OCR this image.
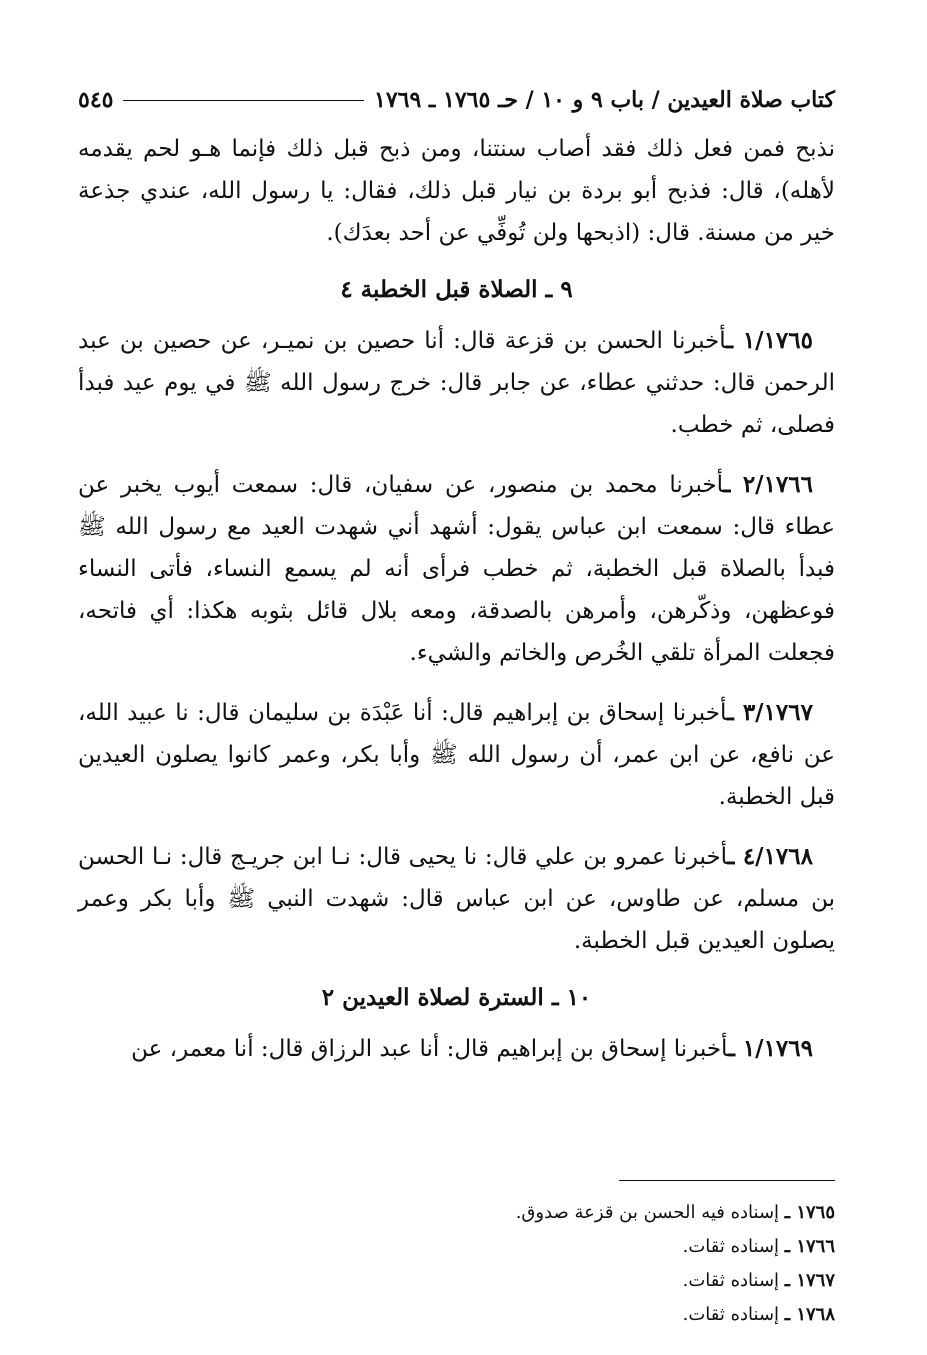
كتاب صلاة العيدين / باب ٩ و ١٠ / حـ ١٧٦٥ ـ ١٧٦٩
٥٤٥

نذبح فمن فعل ذلك فقد أصاب سنتنا، ومن ذبح قبل ذلك فإنما هـو لحم يقدمه لأهله)، قال: فذبح أبو بردة بن نيار قبل ذلك، فقال: يا رسول الله، عندي جذعة خير من مسنة. قال: (اذبحها ولن تُوفِّي عن أحد بعدَك).

٩ ـ الصلاة قبل الخطبة ٤

١/١٧٦٥ ـأخبرنا الحسن بن قزعة قال: أنا حصين بن نميـر، عن حصين بن عبد الرحمن قال: حدثني عطاء، عن جابر قال: خرج رسول الله ﷺ في يوم عيد فبدأ فصلى، ثم خطب.

٢/١٧٦٦ ـأخبرنا محمد بن منصور، عن سفيان، قال: سمعت أيوب يخبر عن عطاء قال: سمعت ابن عباس يقول: أشهد أني شهدت العيد مع رسول الله ﷺ فبدأ بالصلاة قبل الخطبة، ثم خطب فرأى أنه لم يسمع النساء، فأتى النساء فوعظهن، وذكّرهن، وأمرهن بالصدقة، ومعه بلال قائل بثوبه هكذا: أي فاتحه، فجعلت المرأة تلقي الخُرص والخاتم والشيء.

٣/١٧٦٧ ـأخبرنا إسحاق بن إبراهيم قال: أنا عَبْدَة بن سليمان قال: نا عبيد الله، عن نافع، عن ابن عمر، أن رسول الله ﷺ وأبا بكر، وعمر كانوا يصلون العيدين قبل الخطبة.

٤/١٧٦٨ ـأخبرنا عمرو بن علي قال: نا يحيى قال: نـا ابن جريـج قال: نـا الحسن بن مسلم، عن طاوس، عن ابن عباس قال: شهدت النبي ﷺ وأبا بكر وعمر يصلون العيدين قبل الخطبة.

١٠ ـ السترة لصلاة العيدين ٢

١/١٧٦٩ ـأخبرنا إسحاق بن إبراهيم قال: أنا عبد الرزاق قال: أنا معمر، عن

١٧٦٥ ـ إسناده فيه الحسن بن قزعة صدوق.

١٧٦٦ ـ إسناده ثقات.

١٧٦٧ ـ إسناده ثقات.

١٧٦٨ ـ إسناده ثقات.
